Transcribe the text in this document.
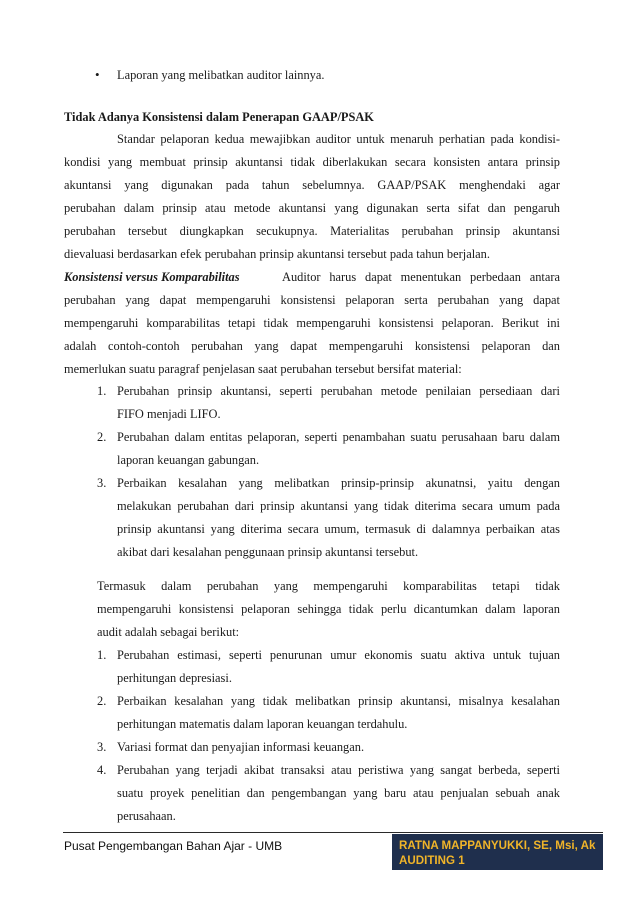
• Laporan yang melibatkan auditor lainnya.
Tidak Adanya Konsistensi dalam Penerapan GAAP/PSAK
Standar pelaporan kedua mewajibkan auditor untuk menaruh perhatian pada kondisi-
kondisi yang membuat prinsip akuntansi tidak diberlakukan secara konsisten antara prinsip
akuntansi yang digunakan pada tahun sebelumnya. GAAP/PSAK menghendaki agar
perubahan dalam prinsip atau metode akuntansi yang digunakan serta sifat dan pengaruh
perubahan tersebut diungkapkan secukupnya. Materialitas perubahan prinsip akuntansi
dievaluasi berdasarkan efek perubahan prinsip akuntansi tersebut pada tahun berjalan.
Konsistensi versus Komparabilitas	Auditor harus dapat menentukan perbedaan antara
perubahan yang dapat mempengaruhi konsistensi pelaporan serta perubahan yang dapat
mempengaruhi komparabilitas tetapi tidak mempengaruhi konsistensi pelaporan. Berikut ini
adalah contoh-contoh perubahan yang dapat mempengaruhi konsistensi pelaporan dan
memerlukan suatu paragraf penjelasan saat perubahan tersebut bersifat material:
1. Perubahan prinsip akuntansi, seperti perubahan metode penilaian persediaan dari
FIFO menjadi LIFO.
2. Perubahan dalam entitas pelaporan, seperti penambahan suatu perusahaan baru dalam
laporan keuangan gabungan.
3. Perbaikan kesalahan yang melibatkan prinsip-prinsip akunatnsi, yaitu dengan
melakukan perubahan dari prinsip akuntansi yang tidak diterima secara umum pada
prinsip akuntansi yang diterima secara umum, termasuk di dalamnya perbaikan atas
akibat dari kesalahan penggunaan prinsip akuntansi tersebut.
Termasuk dalam perubahan yang mempengaruhi komparabilitas tetapi tidak
mempengaruhi konsistensi pelaporan sehingga tidak perlu dicantumkan dalam laporan
audit adalah sebagai berikut:
1. Perubahan estimasi, seperti penurunan umur ekonomis suatu aktiva untuk tujuan
perhitungan depresiasi.
2. Perbaikan kesalahan yang tidak melibatkan prinsip akuntansi, misalnya kesalahan
perhitungan matematis dalam laporan keuangan terdahulu.
3. Variasi format dan penyajian informasi keuangan.
4. Perubahan yang terjadi akibat transaksi atau peristiwa yang sangat berbeda, seperti
suatu proyek penelitian dan pengembangan yang baru atau penjualan sebuah anak
perusahaan.
Pusat Pengembangan Bahan Ajar - UMB	RATNA MAPPANYUKKI, SE, Msi, Ak
AUDITING 1
